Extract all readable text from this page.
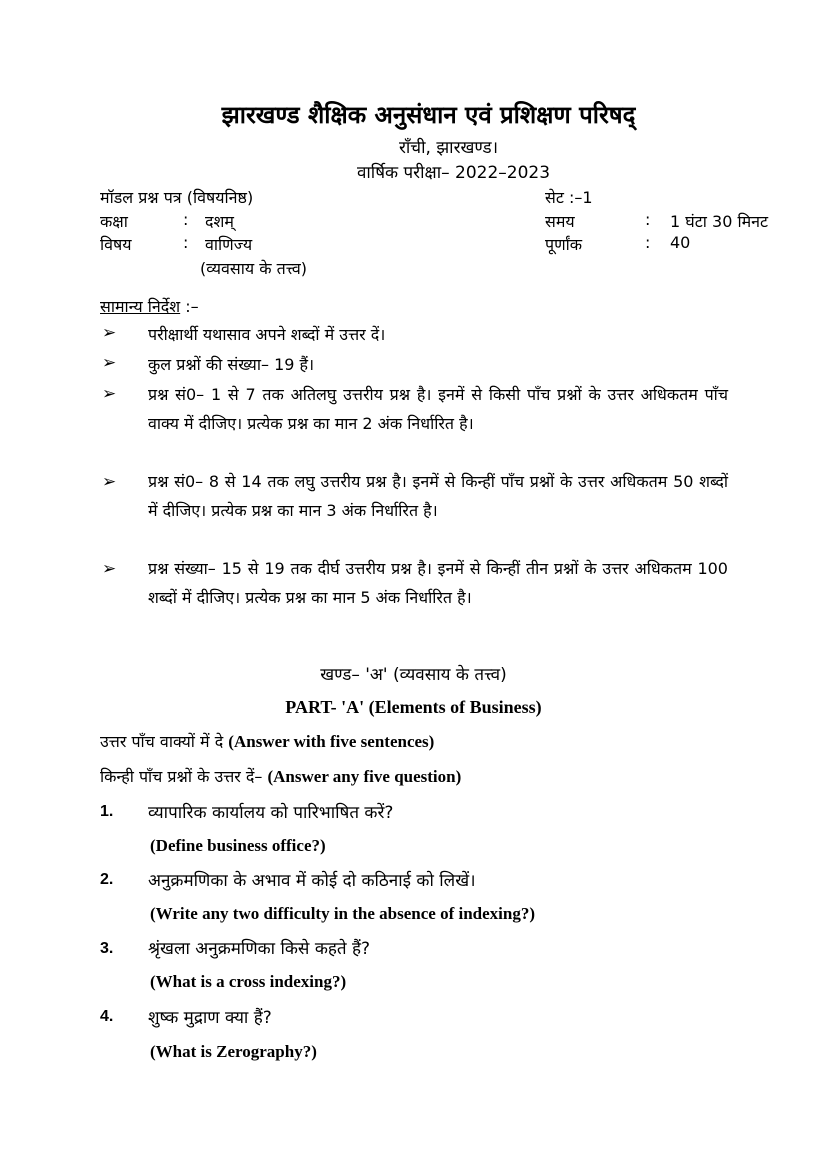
झारखण्ड शैक्षिक अनुसंधान एवं प्रशिक्षण परिषद्
राँची, झारखण्ड।
वार्षिक परीक्षा– 2022–2023
मॉडल प्रश्न पत्र (विषयनिष्ठ)	सेट :–1
कक्षा	: दशम्	समय	: 1 घंटा 30 मिनट
विषय	: वाणिज्य	पूर्णांक	: 40
(व्यवसाय के तत्त्व)
सामान्य निर्देश :–
➢ परीक्षार्थी यथासाव अपने शब्दों में उत्तर दें।
➢ कुल प्रश्नों की संख्या– 19 हैं।
➢ प्रश्न सं0– 1 से 7 तक अतिलघु उत्तरीय प्रश्न है। इनमें से किसी पाँच प्रश्नों के उत्तर अधिकतम पाँच वाक्य में दीजिए। प्रत्येक प्रश्न का मान 2 अंक निर्धारित है।
➢ प्रश्न सं0– 8 से 14 तक लघु उत्तरीय प्रश्न है। इनमें से किन्हीं पाँच प्रश्नों के उत्तर अधिकतम 50 शब्दों में दीजिए। प्रत्येक प्रश्न का मान 3 अंक निर्धारित है।
➢ प्रश्न संख्या– 15 से 19 तक दीर्घ उत्तरीय प्रश्न है। इनमें से किन्हीं तीन प्रश्नों के उत्तर अधिकतम 100 शब्दों में दीजिए। प्रत्येक प्रश्न का मान 5 अंक निर्धारित है।
खण्ड– 'अ' (व्यवसाय के तत्त्व)
PART- 'A' (Elements of Business)
उत्तर पाँच वाक्यों में दे (Answer with five sentences)
किन्ही पाँच प्रश्नों के उत्तर दें– (Answer any five question)
1. व्यापारिक कार्यालय को पारिभाषित करें?
(Define business office?)
2. अनुक्रमणिका के अभाव में कोई दो कठिनाई को लिखें।
(Write any two difficulty in the absence of indexing?)
3. श्रृंखला अनुक्रमणिका किसे कहते हैं?
(What is a cross indexing?)
4. शुष्क मुद्राण क्या हैं?
(What is Zerography?)
